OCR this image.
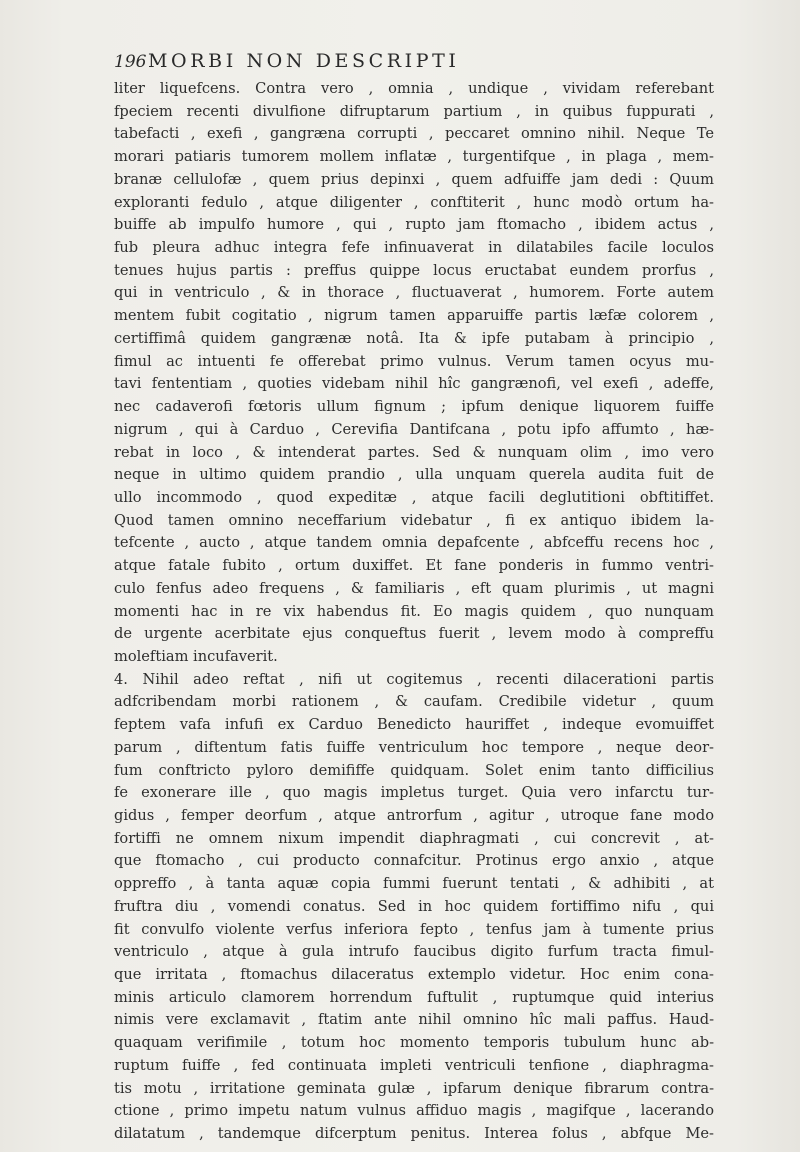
196 MORBI NON DESCRIPTI
liter liquefcens. Contra vero , omnia , undique , vividam referebant
fpeciem recenti divulfione difruptarum partium , in quibus fuppurati ,
tabefacti , exefi , gangræna corrupti , peccaret omnino nihil. Neque Te
morari patiaris tumorem mollem inflatæ , turgentifque , in plaga , mem-
branæ cellulofæ , quem prius depinxi , quem adfuiffe jam dedi : Quum
exploranti fedulo , atque diligenter , conftiterit , hunc modò ortum ha-
buiffe ab impulfo humore , qui , rupto jam ftomacho , ibidem actus ,
fub pleura adhuc integra fefe infinuaverat in dilatabiles facile loculos
tenues hujus partis : preffus quippe locus eructabat eundem prorfus ,
qui in ventriculo , & in thorace , fluctuaverat , humorem. Forte autem
mentem fubit cogitatio , nigrum tamen apparuiffe partis læfæ colorem ,
certiffimâ quidem gangrænæ notâ. Ita & ipfe putabam à principio ,
fimul ac intuenti fe offerebat primo vulnus. Verum tamen ocyus mu-
tavi fententiam , quoties videbam nihil hîc gangrænofi, vel exefi , adeffe,
nec cadaverofi fœtoris ullum fignum ; ipfum denique liquorem fuiffe
nigrum , qui à Carduo , Cerevifia Dantifcana , potu ipfo affumto , hæ-
rebat in loco , & intenderat partes. Sed & nunquam olim , imo vero
neque in ultimo quidem prandio , ulla unquam querela audita fuit de
ullo incommodo , quod expeditæ , atque facili deglutitioni obftitiffet.
Quod tamen omnino neceffarium videbatur , fi ex antiquo ibidem la-
tefcente , aucto , atque tandem omnia depafcente , abfceffu recens hoc ,
atque fatale fubito , ortum duxiffet. Et fane ponderis in fummo ventri-
culo fenfus adeo frequens , & familiaris , eft quam plurimis , ut magni
momenti hac in re vix habendus fit. Eo magis quidem , quo nunquam
de urgente acerbitate ejus conqueftus fuerit , levem modo à compreffu
moleftiam incufaverit.
4. Nihil adeo reftat , nifi ut cogitemus , recenti dilacerationi partis
adfcribendam morbi rationem , & caufam. Credibile videtur , quum
feptem vafa infufi ex Carduo Benedicto hauriffet , indeque evomuiffet
parum , diftentum fatis fuiffe ventriculum hoc tempore , neque deor-
fum conftricto pyloro demififfe quidquam. Solet enim tanto difficilius
fe exonerare ille , quo magis impletus turget. Quia vero infarctu tur-
gidus , femper deorfum , atque antrorfum , agitur , utroque fane modo
fortiffi ne omnem nixum impendit diaphragmati , cui concrevit , at-
que ftomacho , cui producto connafcitur. Protinus ergo anxio , atque
oppreffo , à tanta aquæ copia fummi fuerunt tentati , & adhibiti , at
fruftra diu , vomendi conatus. Sed in hoc quidem fortiffimo nifu , qui
fit convulfo violente verfus inferiora fepto , tenfus jam à tumente prius
ventriculo , atque à gula intrufo faucibus digito furfum tracta fimul-
que irritata , ftomachus dilaceratus extemplo videtur. Hoc enim cona-
minis articulo clamorem horrendum fuftulit , ruptumque quid interius
nimis vere exclamavit , ftatim ante nihil omnino hîc mali paffus. Haud-
quaquam verifimile , totum hoc momento temporis tubulum hunc ab-
ruptum fuiffe , fed continuata impleti ventriculi tenfione , diaphragma-
tis motu , irritatione geminata gulæ , ipfarum denique fibrarum contra-
ctione , primo impetu natum vulnus affiduo magis , magifque , lacerando
dilatatum , tandemque difcerptum penitus. Interea folus , abfque Me-
